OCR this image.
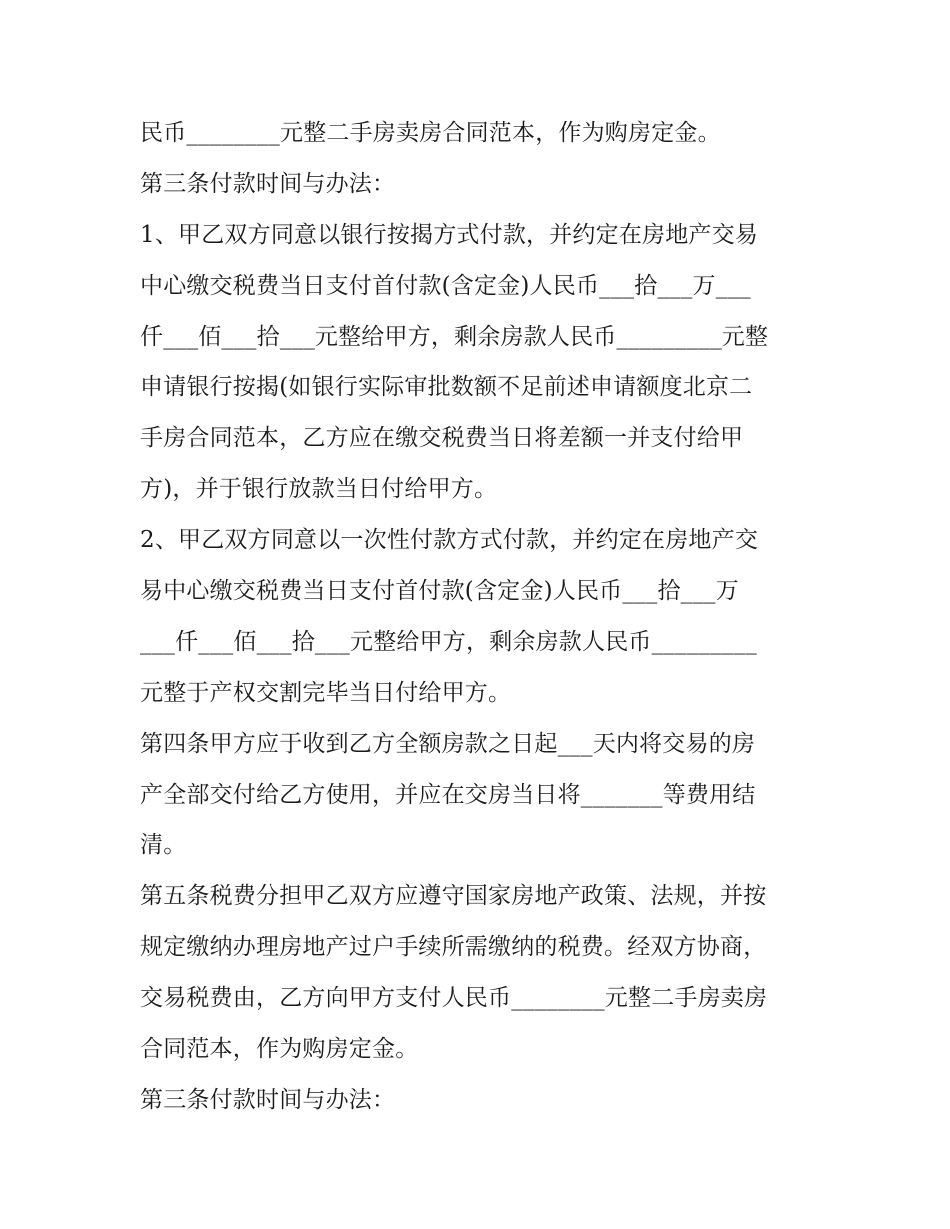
民币________元整二手房卖房合同范本，作为购房定金。
第三条付款时间与办法：
1、甲乙双方同意以银行按揭方式付款，并约定在房地产交易
中心缴交税费当日支付首付款(含定金)人民币___拾___万___
仟___佰___拾___元整给甲方，剩余房款人民币_________元整
申请银行按揭(如银行实际审批数额不足前述申请额度北京二
手房合同范本，乙方应在缴交税费当日将差额一并支付给甲
方)，并于银行放款当日付给甲方。
2、甲乙双方同意以一次性付款方式付款，并约定在房地产交
易中心缴交税费当日支付首付款(含定金)人民币___拾___万
___仟___佰___拾___元整给甲方，剩余房款人民币_________
元整于产权交割完毕当日付给甲方。
第四条甲方应于收到乙方全额房款之日起___天内将交易的房
产全部交付给乙方使用，并应在交房当日将_______等费用结
清。
第五条税费分担甲乙双方应遵守国家房地产政策、法规，并按
规定缴纳办理房地产过户手续所需缴纳的税费。经双方协商，
交易税费由，乙方向甲方支付人民币________元整二手房卖房
合同范本，作为购房定金。
第三条付款时间与办法：
